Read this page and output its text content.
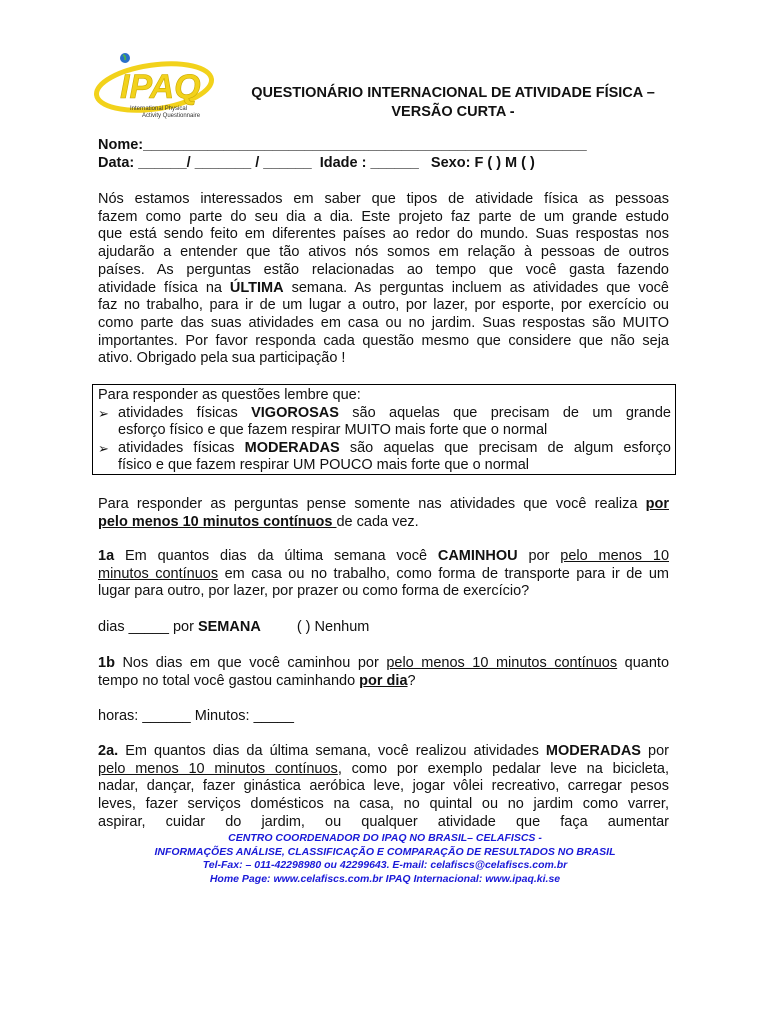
IPAQ
International Physical
Activity Questionnaire
QUESTIONÁRIO INTERNACIONAL DE ATIVIDADE FÍSICA –
VERSÃO CURTA -
Nome:_______________________________________________________
Data: ______/ _______ / ______  Idade : ______   Sexo: F ( ) M ( )
Nós estamos interessados em saber que tipos de atividade física as pessoas
fazem como parte do seu dia a dia. Este projeto faz parte de um grande estudo
que está sendo feito em diferentes países ao redor do mundo. Suas respostas nos
ajudarão a entender que tão ativos nós somos em relação à pessoas de outros
países. As perguntas estão relacionadas ao tempo que você gasta fazendo
atividade física na ÚLTIMA semana. As perguntas incluem as atividades que você
faz no trabalho, para ir de um lugar a outro, por lazer, por esporte, por exercício ou
como parte das suas atividades em casa ou no jardim. Suas respostas são MUITO
importantes. Por favor responda cada questão mesmo que considere que não seja
ativo. Obrigado pela sua participação !
Para responder as questões lembre que:
➢ atividades físicas VIGOROSAS são aquelas que precisam de um grande
esforço físico e que fazem respirar MUITO mais forte que o normal
➢ atividades físicas MODERADAS são aquelas que precisam de algum esforço
físico e que fazem respirar UM POUCO mais forte que o normal
Para responder as perguntas pense somente nas atividades que você realiza por
pelo menos 10 minutos contínuos de cada vez.
1a Em quantos dias da última semana você CAMINHOU por pelo menos 10
minutos contínuos em casa ou no trabalho, como forma de transporte para ir de um
lugar para outro, por lazer, por prazer ou como forma de exercício?
dias _____ por SEMANA ( ) Nenhum
1b Nos dias em que você caminhou por pelo menos 10 minutos contínuos quanto
tempo no total você gastou caminhando por dia?
horas: ______ Minutos: _____
2a. Em quantos dias da última semana, você realizou atividades MODERADAS por
pelo menos 10 minutos contínuos, como por exemplo pedalar leve na bicicleta,
nadar, dançar, fazer ginástica aeróbica leve, jogar vôlei recreativo, carregar pesos
leves, fazer serviços domésticos na casa, no quintal ou no jardim como varrer,
aspirar, cuidar do jardim, ou qualquer atividade que faça aumentar
CENTRO COORDENADOR DO IPAQ NO BRASIL– CELAFISCS -
INFORMAÇÕES ANÁLISE, CLASSIFICAÇÃO E COMPARAÇÃO DE RESULTADOS NO BRASIL
Tel-Fax: – 011-42298980 ou 42299643. E-mail: celafiscs@celafiscs.com.br
Home Page: www.celafiscs.com.br IPAQ Internacional: www.ipaq.ki.se
